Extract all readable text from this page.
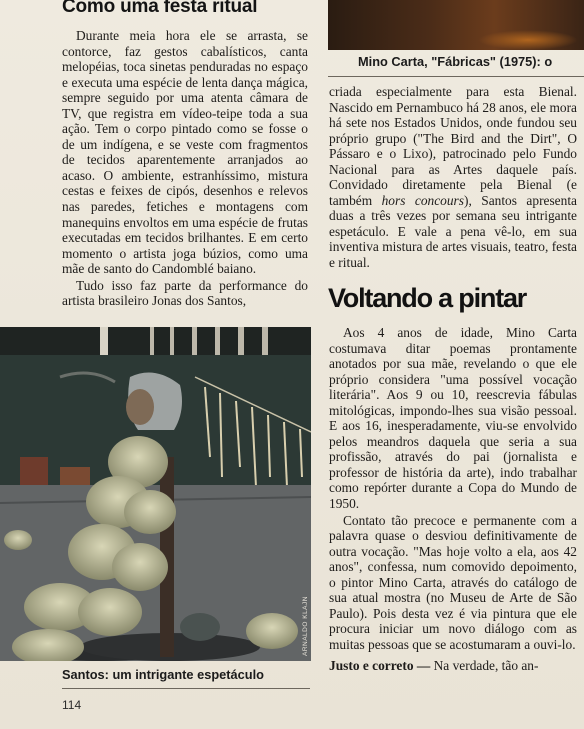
Como uma festa ritual

Durante meia hora ele se arrasta, se contorce, faz gestos cabalísticos, canta melopéias, toca sinetas penduradas no espaço e executa uma espécie de lenta dança mágica, sempre seguido por uma atenta câmara de TV, que registra em vídeo-teipe toda a sua ação. Tem o corpo pintado como se fosse o de um indígena, e se veste com fragmentos de tecidos aparentemente arranjados ao acaso. O ambiente, estranhíssimo, mistura cestas e feixes de cipós, desenhos e relevos nas paredes, fetiches e montagens com manequins envoltos em uma espécie de frutas executadas em tecidos brilhantes. E em certo momento o artista joga búzios, como uma mãe de santo do Candomblé baiano.

Tudo isso faz parte da performance do artista brasileiro Jonas dos Santos,

Mino Carta, "Fábricas" (1975): o

criada especialmente para esta Bienal. Nascido em Pernambuco há 28 anos, ele mora há sete nos Estados Unidos, onde fundou seu próprio grupo ("The Bird and the Dirt", O Pássaro e o Lixo), patrocinado pelo Fundo Nacional para as Artes daquele país. Convidado diretamente pela Bienal (e também hors concours), Santos apresenta duas a três vezes por semana seu intrigante espetáculo. E vale a pena vê-lo, em sua inventiva mistura de artes visuais, teatro, festa e ritual.

Voltando a pintar

Aos 4 anos de idade, Mino Carta costumava ditar poemas prontamente anotados por sua mãe, revelando o que ele próprio considera "uma possível vocação literária". Aos 9 ou 10, reescrevia fábulas mitológicas, impondo-lhes sua visão pessoal. E aos 16, inesperadamente, viu-se envolvido pelos meandros daquela que seria a sua profissão, através do pai (jornalista e professor de história da arte), indo trabalhar como repórter durante a Copa do Mundo de 1950.

Contato tão precoce e permanente com a palavra quase o desviou definitivamente de outra vocação. "Mas hoje volto a ela, aos 42 anos", confessa, num comovido depoimento, o pintor Mino Carta, através do catálogo de sua atual mostra (no Museu de Arte de São Paulo). Pois desta vez é via pintura que ele procura iniciar um novo diálogo com as muitas pessoas que se acostumaram a ouvi-lo.

Justo e correto — Na verdade, tão an-

ARNALDO KLAJN
Santos: um intrigante espetáculo
114
